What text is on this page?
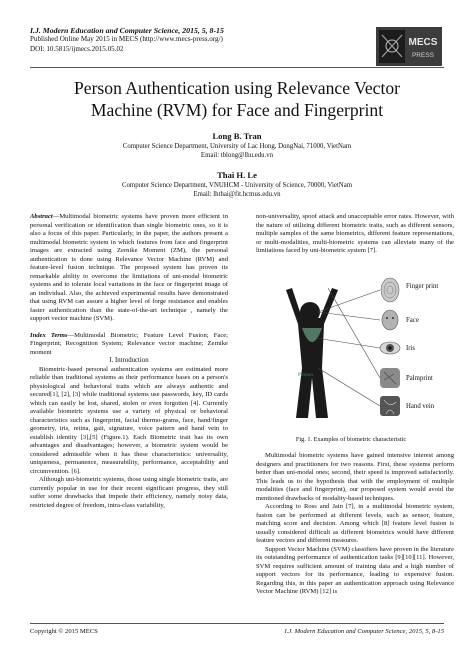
I.J. Modern Education and Computer Science, 2015, 5, 8-15
Published Online May 2015 in MECS (http://www.mecs-press.org/)
DOI: 10.5815/ijmecs.2015.05.02
MECS
PRESS
Person Authentication using Relevance Vector
Machine (RVM) for Face and Fingerprint
Long B. Tran
Computer Science Department, University of Lac Hong, DongNai, 71000, VietNam
Email: tblong@lhu.edu.vn
Thai H. Le
Computer Science Department, VNUHCM - University of Science, 70000, VietNam
Email: lhthai@fit.hcmus.edu.vn

Abstract—Multimodal biometric systems have proven more efficient in personal verification or identification than single biometric ones, so it is also a focus of this paper. Particularly, in the paper, the authors present a multimodal biometric system in which features from face and fingerprint images are extracted using Zernike Moment (ZM), the personal authentication is done using Relevance Vector Machine (RVM) and feature-level fusion technique. The proposed system has proven its remarkable ability to overcome the limitations of uni-modal biometric systems and to tolerate local variations in the face or fingerprint image of an individual. Also, the achieved experimental results have demonstrated that using RVM can assure a higher level of forge resistance and enables faster authentication than the state-of-the-art technique , namely the support vector machine (SVM).

Index Terms—Multimodal Biometric; Feature Level Fusion; Face; Fingerprint; Recognition System; Relevance vector machine; Zernike moment

I. Introduction

Biometric-based personal authentication systems are estimated more reliable than traditional systems as their performance bases on a person's physiological and behavioral traits which are always authentic and secured[1], [2], [3] while traditional systems use passwords, key, ID cards which can easily be lost, shared, stolen or even forgotten [4]. Currently available biometric systems use a variety of physical or behavioral characteristics such as fingerprint, facial thermo-grams, face, hand/finger geometry, iris, retina, gait, signature, voice pattern and hand vein to establish identity [3],[5] (Figure.1). Each Biometric trait has its own advantages and disadvantages; however, a biometric system would be considered admissible when it has these characteristics: universality, uniqueness, permanence, measurability, performance, acceptability and circumvention. [6].

Although uni-biometric systems, those using single biometric traits, are currently popular in use for their recent significant progress, they still suffer some drawbacks that impede their efficiency, namely noisy data, restricted degree of freedom, intra-class variability,

non-universality, spoof attack and unacceptable error rates. However, with the nature of utilizing different biometric traits, such as different sensors, multiple samples of the same biometrics, different feature representations, or multi-modalities, multi-biometric systems can alleviate many of the limitations faced by uni-biometric system [7].

Finger print
Face
Iris
Palmprint
Hand vein
Person
Fig. 1. Examples of biometric characteristic

Multimodal biometric systems have gained intensive interest among designers and practitioners for two reasons. First, these systems perform better than uni-modal ones; second, their speed is improved satisfactorily. This leads us to the hypothesis that with the employment of multiple modalities (face and fingerprint), our proposed system would avoid the mentioned drawbacks of modality-based techniques.

According to Ross and Jain [7], in a multimodal biometric system, fusion can be performed at different levels, such as sensor, feature, matching score and decision. Among which [8] feature level fusion is usually considered difficult as different biometrics would have different feature vectors and different measures.

Support Vector Machine (SVM) classifiers have proven in the literature its outstanding performance of authentication tasks [9][10][11]. However, SVM requires sufficient amount of training data and a high number of support vectors for its performance, leading to expensive fusion. Regarding this, in this paper an authentication approach using Relevance Vector Machine (RVM) [12] is

Copyright © 2015 MECS	I.J. Modern Education and Computer Science, 2015, 5, 8-15
